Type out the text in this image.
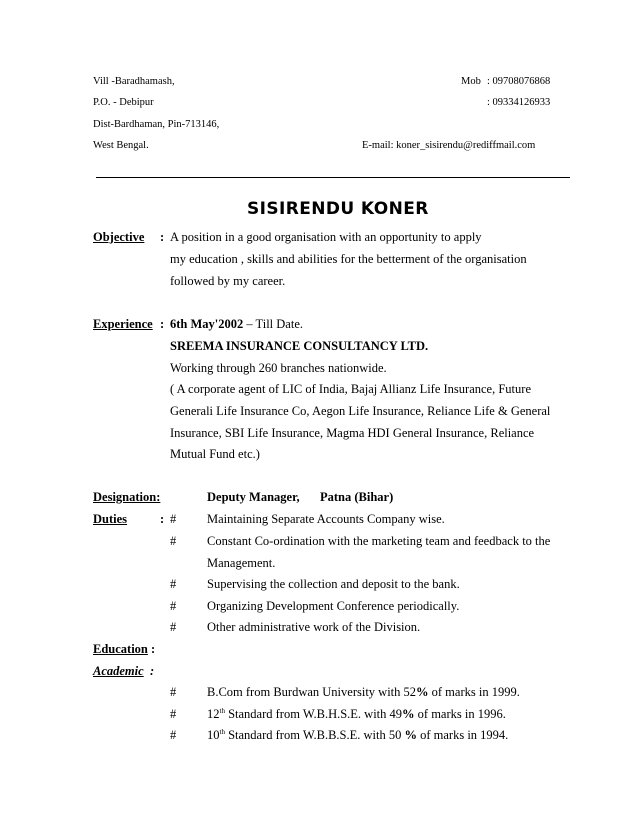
Vill -Baradhamash,
P.O. - Debipur
Dist-Bardhaman, Pin-713146,
West Bengal.
Mob : 09708076868
: 09334126933
E-mail: koner_sisirendu@rediffmail.com
SISIRENDU KONER
Objective : A position in a good organisation with an opportunity to apply
my education , skills and abilities for the betterment of the organisation
followed by my career.
Experience : 6th May'2002 – Till Date.
SREEMA INSURANCE CONSULTANCY LTD.
Working through 260 branches nationwide.
( A corporate agent of LIC of India, Bajaj Allianz Life Insurance, Future
Generali Life Insurance Co, Aegon Life Insurance, Reliance Life & General
Insurance, SBI Life Insurance, Magma HDI General Insurance, Reliance
Mutual Fund etc.)
Designation:	Deputy Manager, Patna (Bihar)
Duties	: # Maintaining Separate Accounts Company wise.
# Constant Co-ordination with the marketing team and feedback to the
Management.
# Supervising the collection and deposit to the bank.
# Organizing Development Conference periodically.
# Other administrative work of the Division.
Education :
Academic :
# B.Com from Burdwan University with 52% of marks in 1999.
# 12th Standard from W.B.H.S.E. with 49% of marks in 1996.
# 10th Standard from W.B.B.S.E. with 50 % of marks in 1994.
